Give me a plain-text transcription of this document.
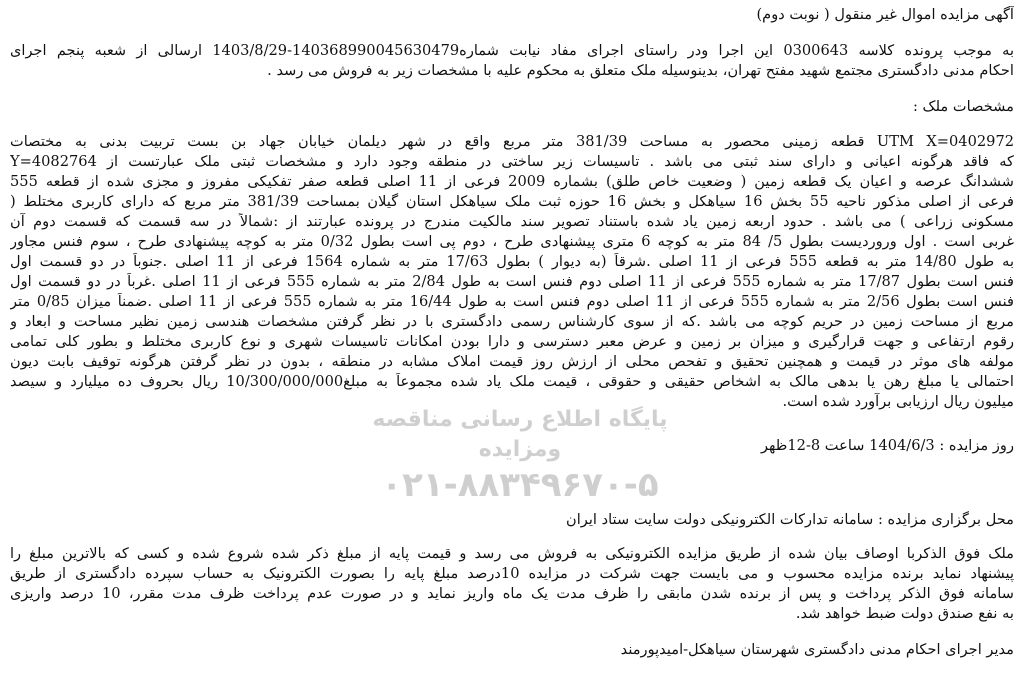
آگهی مزایده اموال غیر منقول ( نوبت دوم)
به موجب پرونده کلاسه 0300643 این اجرا ودر راستای اجرای مفاد نیابت شماره140368990045630479-1403/8/29 ارسالی از شعبه پنجم اجرای
احکام مدنی دادگستری مجتمع شهید مفتح تهران، بدینوسیله ملک متعلق به محکوم علیه با مشخصات زیر به فروش می رسد .
مشخصات ملک :
UTM X=0402972 قطعه زمینی محصور به مساحت 381/39 متر مربع واقع در شهر دیلمان خیابان جهاد بن بست تربیت بدنی به مختصات
که فاقد هرگونه اعیانی و دارای سند ثبتی می باشد . تاسیسات زیر ساختی در منطقه وجود دارد و مشخصات ثبتی ملک عبارتست از Y=4082764
ششدانگ عرصه و اعیان یک قطعه زمین ( وضعیت خاص طلق) بشماره 2009 فرعی از 11 اصلی قطعه صفر تفکیکی مفروز و مجزی شده از قطعه 555
فرعی از اصلی مذکور ناحیه 55 بخش 16 سیاهکل و بخش 16 حوزه ثبت ملک سیاهکل استان گیلان بمساحت 381/39 متر مربع که دارای کاربری مختلط (
مسکونی زراعی ) می باشد . حدود اربعه زمین یاد شده باستناد تصویر سند مالکیت مندرج در پرونده عبارتند از :شمالاً در سه قسمت که قسمت دوم آن
غربی است . اول وروردیست بطول 5/ 84 متر به کوچه 6 متری پیشنهادی طرح ، دوم پی است بطول 0/32 متر به کوچه پیشنهادی طرح ، سوم فنس مجاور
به طول 14/80 متر به قطعه 555 فرعی از 11 اصلی .شرقاً (به دیوار ) بطول 17/63 متر به شماره 1564 فرعی از 11 اصلی .جنوباً در دو قسمت اول
فنس است بطول 17/87 متر به شماره 555 فرعی از 11 اصلی دوم فنس است به طول 2/84 متر به شماره 555 فرعی از 11 اصلی .غرباً در دو قسمت اول
فنس است بطول 2/56 متر به شماره 555 فرعی از 11 اصلی دوم فنس است به طول 16/44 متر به شماره 555 فرعی از 11 اصلی .ضمناً میزان 0/85 متر
مربع از مساحت زمین در حریم کوچه می باشد .که از سوی کارشناس رسمی دادگستری با در نظر گرفتن مشخصات هندسی زمین نظیر مساحت و ابعاد و
رقوم ارتفاعی و جهت قرارگیری و میزان بر زمین و عرض معبر دسترسی و دارا بودن امکانات تاسیسات شهری و نوع کاربری مختلط و بطور کلی تمامی
مولفه های موثر در قیمت و همچنین تحقیق و تفحص محلی از ارزش روز قیمت املاک مشابه در منطقه ، بدون در نظر گرفتن هرگونه توقیف بابت دیون
احتمالی یا مبلغ رهن یا بدهی مالک به اشخاص حقیقی و حقوقی ، قیمت ملک یاد شده مجموعاً به مبلغ10/300/000/000 ریال بحروف ده میلیارد و سیصد
میلیون ریال ارزیابی برآورد شده است.
روز مزایده : 1404/6/3 ساعت 8-12ظهر
محل برگزاری مزایده : سامانه تدارکات الکترونیکی دولت سایت ستاد ایران
ملک فوق الذکربا اوصاف بیان شده از طریق مزایده الکترونیکی به فروش می رسد و قیمت پایه از مبلغ ذکر شده شروع شده و کسی که بالاترین مبلغ را
پیشنهاد نماید برنده مزایده محسوب و می بایست جهت شرکت در مزایده 10درصد مبلغ پایه را بصورت الکترونیک به حساب سپرده دادگستری از طریق
سامانه فوق الذکر پرداخت و پس از برنده شدن مابقی را ظرف مدت یک ماه واریز نماید و در صورت عدم پرداخت ظرف مدت مقرر، 10 درصد واریزی
به نفع صندق دولت ضبط خواهد شد.
مدیر اجرای احکام مدنی دادگستری شهرستان سیاهکل-امیدپورمند
پایگاه اطلاع رسانی مناقصه ومزایده
۰۲۱-۸۸۳۴۹۶۷۰-۵
